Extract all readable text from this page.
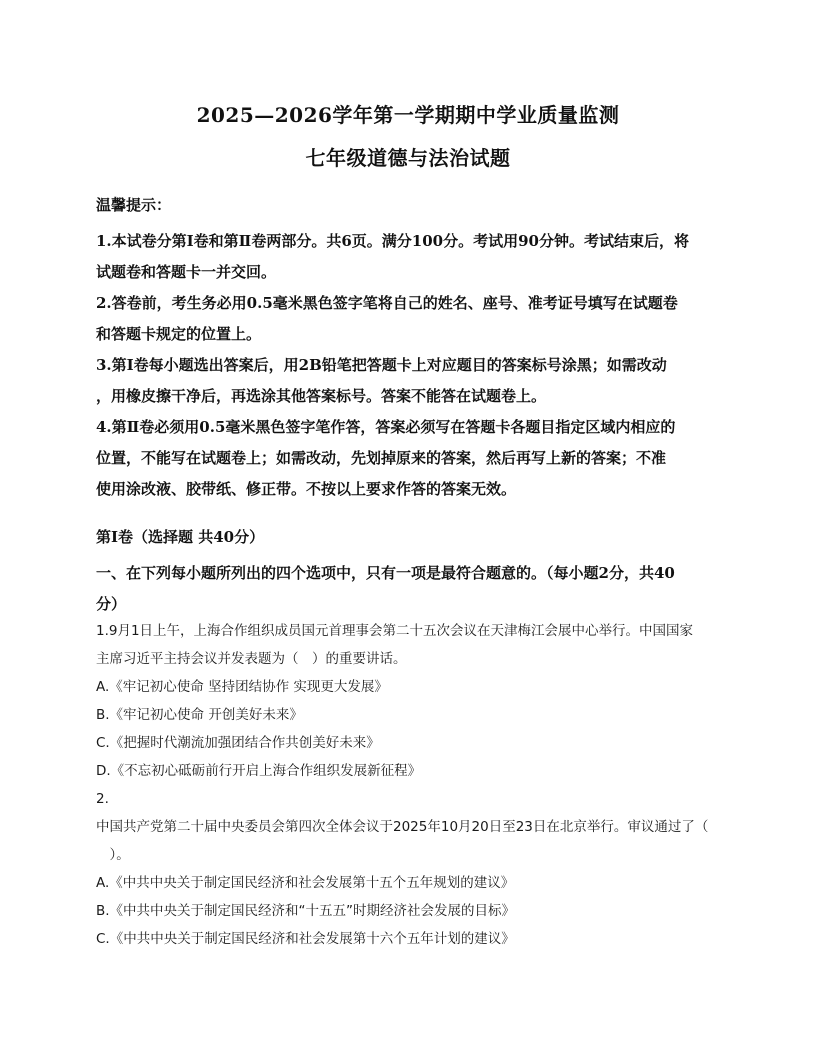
2025—2026学年第一学期期中学业质量监测
七年级道德与法治试题
温馨提示：
1.本试卷分第Ⅰ卷和第Ⅱ卷两部分。共6页。满分100分。考试用90分钟。考试结束后，将
试题卷和答题卡一并交回。
2.答卷前，考生务必用0.5毫米黑色签字笔将自己的姓名、座号、准考证号填写在试题卷
和答题卡规定的位置上。
3.第Ⅰ卷每小题选出答案后，用2B铅笔把答题卡上对应题目的答案标号涂黑；如需改动
，用橡皮擦干净后，再选涂其他答案标号。答案不能答在试题卷上。
4.第Ⅱ卷必须用0.5毫米黑色签字笔作答，答案必须写在答题卡各题目指定区域内相应的
位置，不能写在试题卷上；如需改动，先划掉原来的答案，然后再写上新的答案；不准
使用涂改液、胶带纸、修正带。不按以上要求作答的答案无效。
第Ⅰ卷（选择题 共40分）
一、在下列每小题所列出的四个选项中，只有一项是最符合题意的。（每小题2分，共40
分）
1.9月1日上午，上海合作组织成员国元首理事会第二十五次会议在天津梅江会展中心举行。中国国家
主席习近平主持会议并发表题为（　）的重要讲话。
A.《牢记初心使命 坚持团结协作 实现更大发展》
B.《牢记初心使命 开创美好未来》
C.《把握时代潮流加强团结合作共创美好未来》
D.《不忘初心砥砺前行开启上海合作组织发展新征程》
2.
中国共产党第二十届中央委员会第四次全体会议于2025年10月20日至23日在北京举行。审议通过了（
　）。
A.《中共中央关于制定国民经济和社会发展第十五个五年规划的建议》
B.《中共中央关于制定国民经济和“十五五”时期经济社会发展的目标》
C.《中共中央关于制定国民经济和社会发展第十六个五年计划的建议》
